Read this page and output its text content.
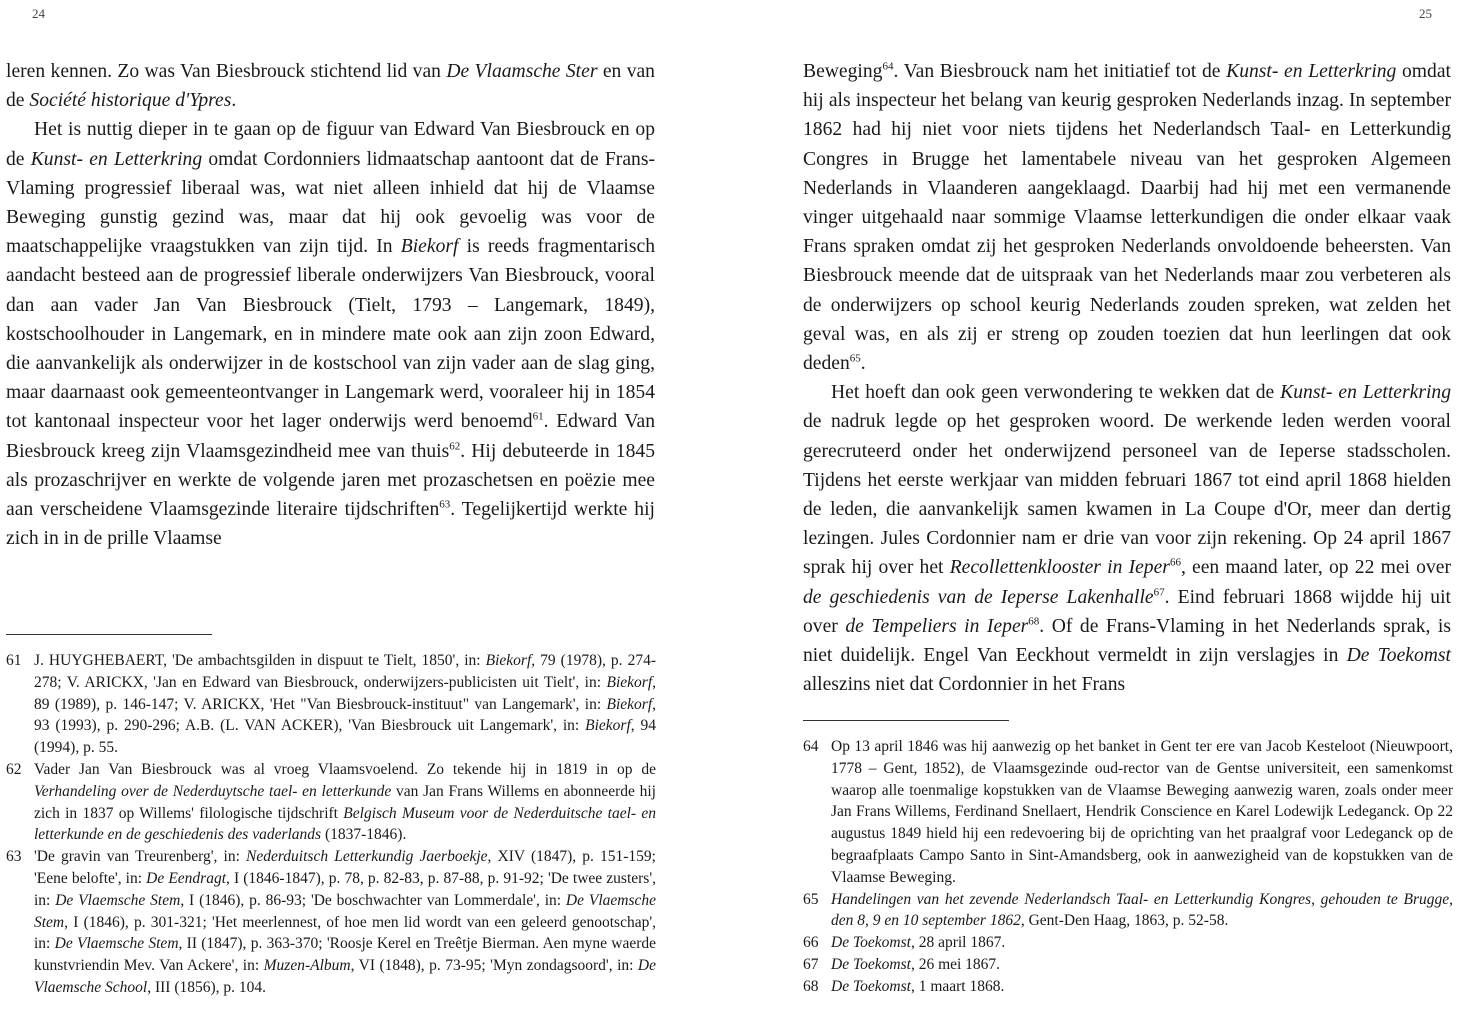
24

leren kennen. Zo was Van Biesbrouck stichtend lid van De Vlaamsche Ster en van de Société historique d'Ypres.

Het is nuttig dieper in te gaan op de figuur van Edward Van Biesbrouck en op de Kunst- en Letterkring omdat Cordonniers lidmaatschap aantoont dat de Frans-Vlaming progressief liberaal was, wat niet alleen inhield dat hij de Vlaamse Beweging gunstig gezind was, maar dat hij ook gevoelig was voor de maatschappelijke vraagstukken van zijn tijd. In Biekorf is reeds fragmentarisch aandacht besteed aan de progressief liberale onderwijzers Van Biesbrouck, vooral dan aan vader Jan Van Biesbrouck (Tielt, 1793 – Langemark, 1849), kostschoolhouder in Langemark, en in mindere mate ook aan zijn zoon Edward, die aanvankelijk als onderwijzer in de kostschool van zijn vader aan de slag ging, maar daarnaast ook gemeenteontvanger in Langemark werd, vooraleer hij in 1854 tot kantonaal inspecteur voor het lager onderwijs werd benoemd$^{61}$. Edward Van Biesbrouck kreeg zijn Vlaamsgezindheid mee van thuis$^{62}$. Hij debuteerde in 1845 als prozaschrijver en werkte de volgende jaren met prozaschetsen en poëzie mee aan verscheidene Vlaamsgezinde literaire tijdschriften$^{63}$. Tegelijkertijd werkte hij zich in in de prille Vlaamse

61 J. HUYGHEBAERT, 'De ambachtsgilden in dispuut te Tielt, 1850', in: Biekorf, 79 (1978), p. 274-278; V. ARICKX, 'Jan en Edward van Biesbrouck, onderwijzers-publicisten uit Tielt', in: Biekorf, 89 (1989), p. 146-147; V. ARICKX, 'Het "Van Biesbrouck-instituut" van Langemark', in: Biekorf, 93 (1993), p. 290-296; A.B. (L. VAN ACKER), 'Van Biesbrouck uit Langemark', in: Biekorf, 94 (1994), p. 55.
62 Vader Jan Van Biesbrouck was al vroeg Vlaamsvoelend. Zo tekende hij in 1819 in op de Verhandeling over de Nederduytsche tael- en letterkunde van Jan Frans Willems en abonneerde hij zich in 1837 op Willems' filologische tijdschrift Belgisch Museum voor de Nederduitsche tael- en letterkunde en de geschiedenis des vaderlands (1837-1846).
63 'De gravin van Treurenberg', in: Nederduitsch Letterkundig Jaerboekje, XIV (1847), p. 151-159; 'Eene belofte', in: De Eendragt, I (1846-1847), p. 78, p. 82-83, p. 87-88, p. 91-92; 'De twee zusters', in: De Vlaemsche Stem, I (1846), p. 86-93; 'De boschwachter van Lommerdale', in: De Vlaemsche Stem, I (1846), p. 301-321; 'Het meerlennest, of hoe men lid wordt van een geleerd genootschap', in: De Vlaemsche Stem, II (1847), p. 363-370; 'Roosje Kerel en Treêtje Bierman. Aen myne waerde kunstvriendin Mev. Van Ackere', in: Muzen-Album, VI (1848), p. 73-95; 'Myn zondagsoord', in: De Vlaemsche School, III (1856), p. 104.
25

Beweging$^{64}$. Van Biesbrouck nam het initiatief tot de Kunst- en Letterkring omdat hij als inspecteur het belang van keurig gesproken Nederlands inzag. In september 1862 had hij niet voor niets tijdens het Nederlandsch Taal- en Letterkundig Congres in Brugge het lamentabele niveau van het gesproken Algemeen Nederlands in Vlaanderen aangeklaagd. Daarbij had hij met een vermanende vinger uitgehaald naar sommige Vlaamse letterkundigen die onder elkaar vaak Frans spraken omdat zij het gesproken Nederlands onvoldoende beheersten. Van Biesbrouck meende dat de uitspraak van het Nederlands maar zou verbeteren als de onderwijzers op school keurig Nederlands zouden spreken, wat zelden het geval was, en als zij er streng op zouden toezien dat hun leerlingen dat ook deden$^{65}$.

Het hoeft dan ook geen verwondering te wekken dat de Kunst- en Letterkring de nadruk legde op het gesproken woord. De werkende leden werden vooral gerecruteerd onder het onderwijzend personeel van de Ieperse stadsscholen. Tijdens het eerste werkjaar van midden februari 1867 tot eind april 1868 hielden de leden, die aanvankelijk samen kwamen in La Coupe d'Or, meer dan dertig lezingen. Jules Cordonnier nam er drie van voor zijn rekening. Op 24 april 1867 sprak hij over het Recollettenklooster in Ieper$^{66}$, een maand later, op 22 mei over de geschiedenis van de Ieperse Lakenhalle$^{67}$. Eind februari 1868 wijdde hij uit over de Tempeliers in Ieper$^{68}$. Of de Frans-Vlaming in het Nederlands sprak, is niet duidelijk. Engel Van Eeckhout vermeldt in zijn verslagjes in De Toekomst alleszins niet dat Cordonnier in het Frans

64 Op 13 april 1846 was hij aanwezig op het banket in Gent ter ere van Jacob Kesteloot (Nieuwpoort, 1778 – Gent, 1852), de Vlaamsgezinde oud-rector van de Gentse universiteit, een samenkomst waarop alle toenmalige kopstukken van de Vlaamse Beweging aanwezig waren, zoals onder meer Jan Frans Willems, Ferdinand Snellaert, Hendrik Conscience en Karel Lodewijk Ledeganck. Op 22 augustus 1849 hield hij een redevoering bij de oprichting van het praalgraf voor Ledeganck op de begraafplaats Campo Santo in Sint-Amandsberg, ook in aanwezigheid van de kopstukken van de Vlaamse Beweging.
65 Handelingen van het zevende Nederlandsch Taal- en Letterkundig Kongres, gehouden te Brugge, den 8, 9 en 10 september 1862, Gent-Den Haag, 1863, p. 52-58.
66 De Toekomst, 28 april 1867.
67 De Toekomst, 26 mei 1867.
68 De Toekomst, 1 maart 1868.
